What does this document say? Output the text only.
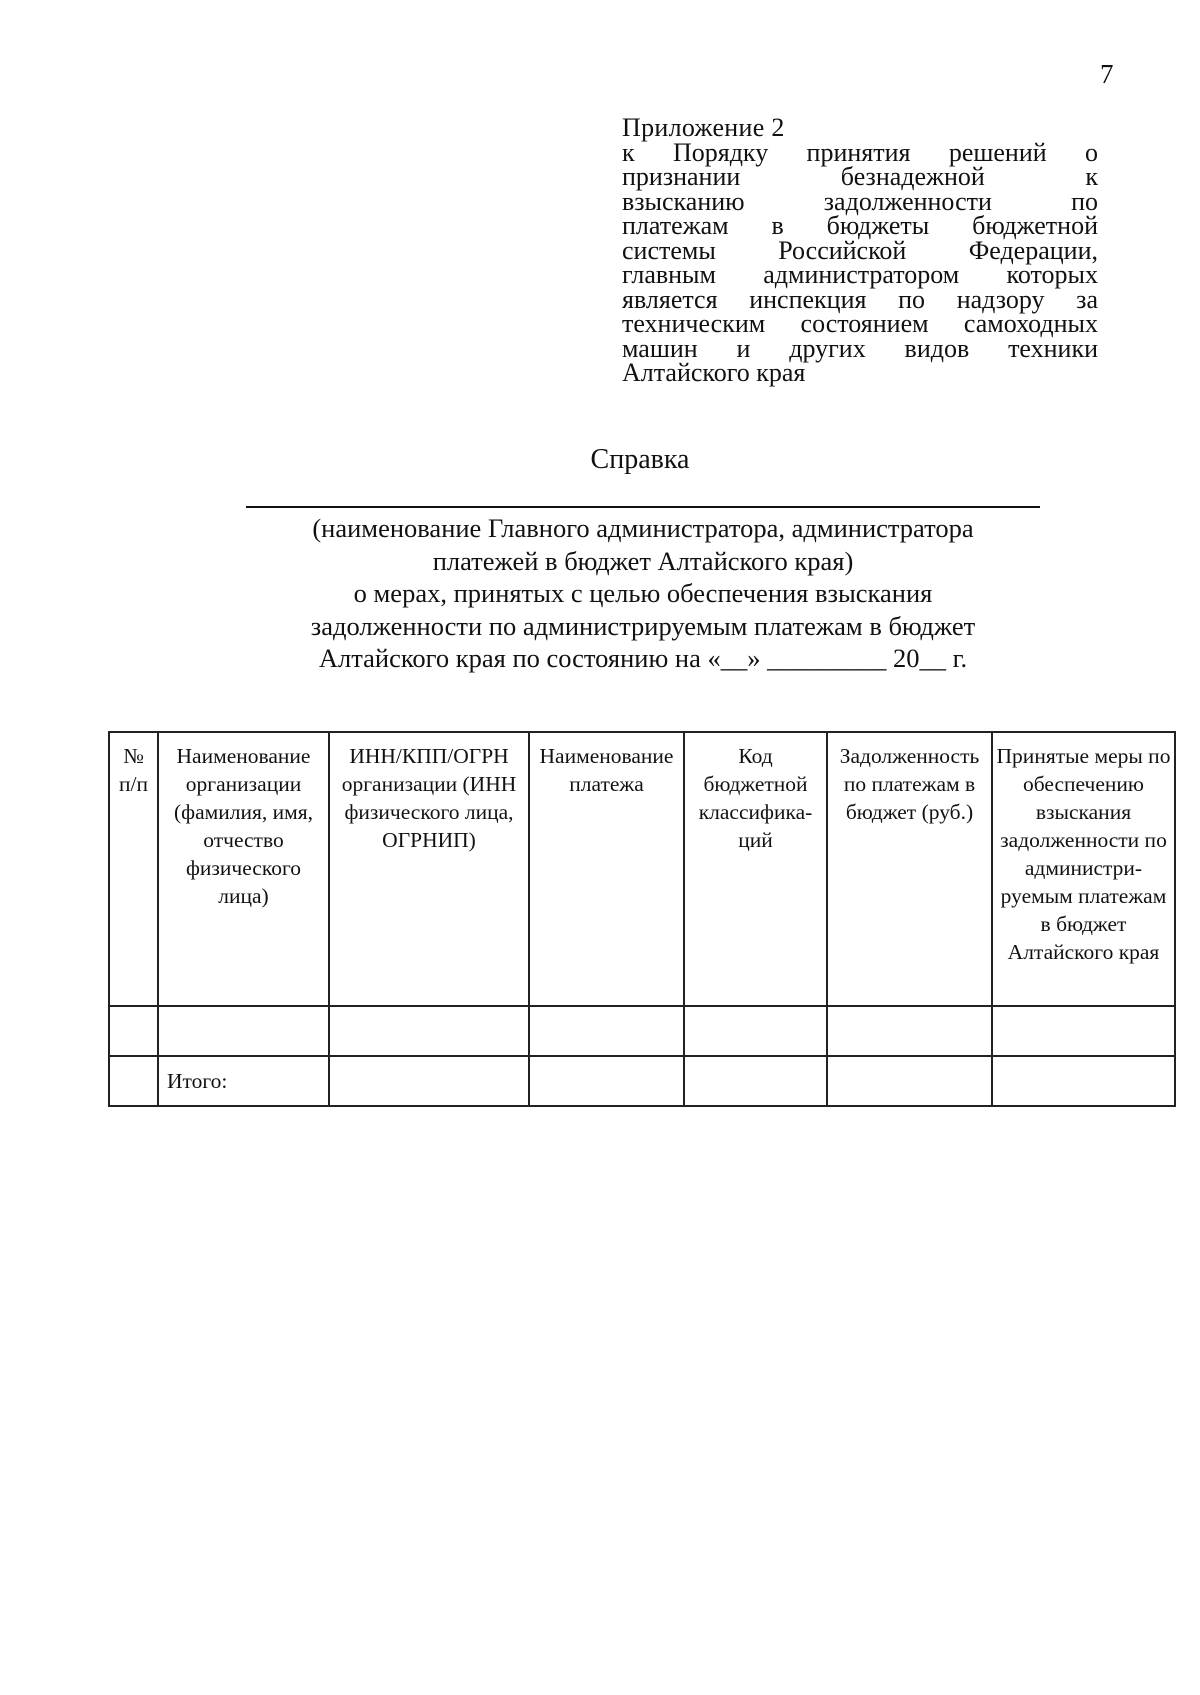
7
Приложение 2
к Порядку принятия решений о
признании безнадежной к
взысканию задолженности по
платежам в бюджеты бюджетной
системы Российской Федерации,
главным администратором которых
является инспекция по надзору за
техническим состоянием самоходных
машин и других видов техники
Алтайского края
Справка
(наименование Главного администратора, администратора
платежей в бюджет Алтайского края)
о мерах, принятых с целью обеспечения взыскания
задолженности по администрируемым платежам в бюджет
Алтайского края по состоянию на «__» _________ 20__ г.
№ п/п	Наименование организации (фамилия, имя, отчество физического лица)	ИНН/КПП/ОГРН организации (ИНН физического лица, ОГРНИП)	Наименование платежа	Код бюджетной классифика-ций	Задолженность по платежам в бюджет (руб.)	Принятые меры по обеспечению взыскания задолженности по администри-руемым платежам в бюджет Алтайского края

	Итого:					
